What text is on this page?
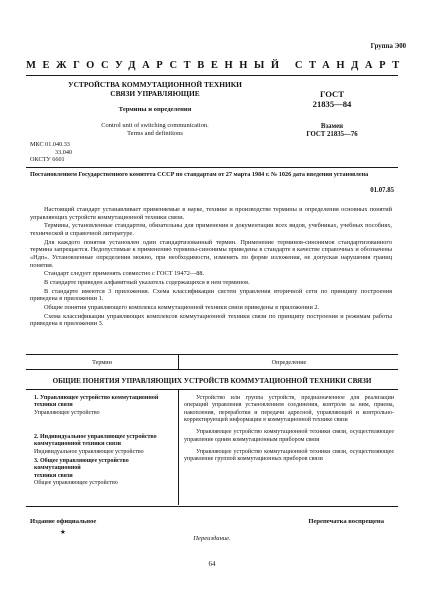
Группа Э00
МЕЖГОСУДАРСТВЕННЫЙ СТАНДАРТ
УСТРОЙСТВА КОММУТАЦИОННОЙ ТЕХНИКИ
СВЯЗИ УПРАВЛЯЮЩИЕ
Термины и определения
Control unit of switching communication.
Terms and definitions
ГОСТ
21835—84
Взамен
ГОСТ 21835—76
МКС 01.040.33
33.040
ОКСТУ 6601
Постановлением Государственного комитета СССР по стандартам от 27 марта 1984 г. № 1026 дата введения установлена
01.07.85

Настоящий стандарт устанавливает применяемые в науке, технике и производстве термины и определения основных понятий управляющих устройств коммутационной техники связи.

Термины, установленные стандартом, обязательны для применения в документации всех видов, учебниках, учебных пособиях, технической и справочной литературе.

Для каждого понятия установлен один стандартизованный термин. Применение терминов-синонимов стандартизованного термина запрещается. Недопустимые к применению термины-синонимы приведены в стандарте в качестве справочных и обозначены «Ндп». Установленные определения можно, при необходимости, изменять по форме изложения, не допуская нарушения границ понятия.

Стандарт следует применять совместно с ГОСТ 19472—88.

В стандарте приведен алфавитный указатель содержащихся в нем терминов.

В стандарте имеются 3 приложения. Схема классификации систем управления вторичной сети по принципу построения приведена в приложении 1.

Общие понятия управляющего комплекса коммутационной техники связи приведены в приложении 2.

Схема классификации управляющих комплексов коммутационной техники связи по принципу построения и режимам работы приведена в приложении 3.

Термин	Определение
ОБЩИЕ ПОНЯТИЯ УПРАВЛЯЮЩИХ УСТРОЙСТВ КОММУТАЦИОННОЙ ТЕХНИКИ СВЯЗИ
1. Управляющее устройство коммутационной
техники связи
Управляющее устройство
2. Индивидуальное управляющее устройство
коммутационной техники связи
Индивидуальное управляющее устройство
3. Общее управляющее устройство коммутационной
техники связи
Общее управляющее устройство

Устройство или группа устройств, предназначенное для реализации операций управления установлением соединения, контроля за ним, приема, накопления, переработки и передачи адресной, управляющей и контрольно-корректирующей информации в коммутационной технике связи

Управляющее устройство коммутационной техники связи, осуществляющее управление одним коммутационным прибором связи

Управляющее устройство коммутационной техники связи, осуществляющее управление группой коммутационных приборов связи

Издание официальное
★
Перепечатка воспрещена
Переиздание.
64
